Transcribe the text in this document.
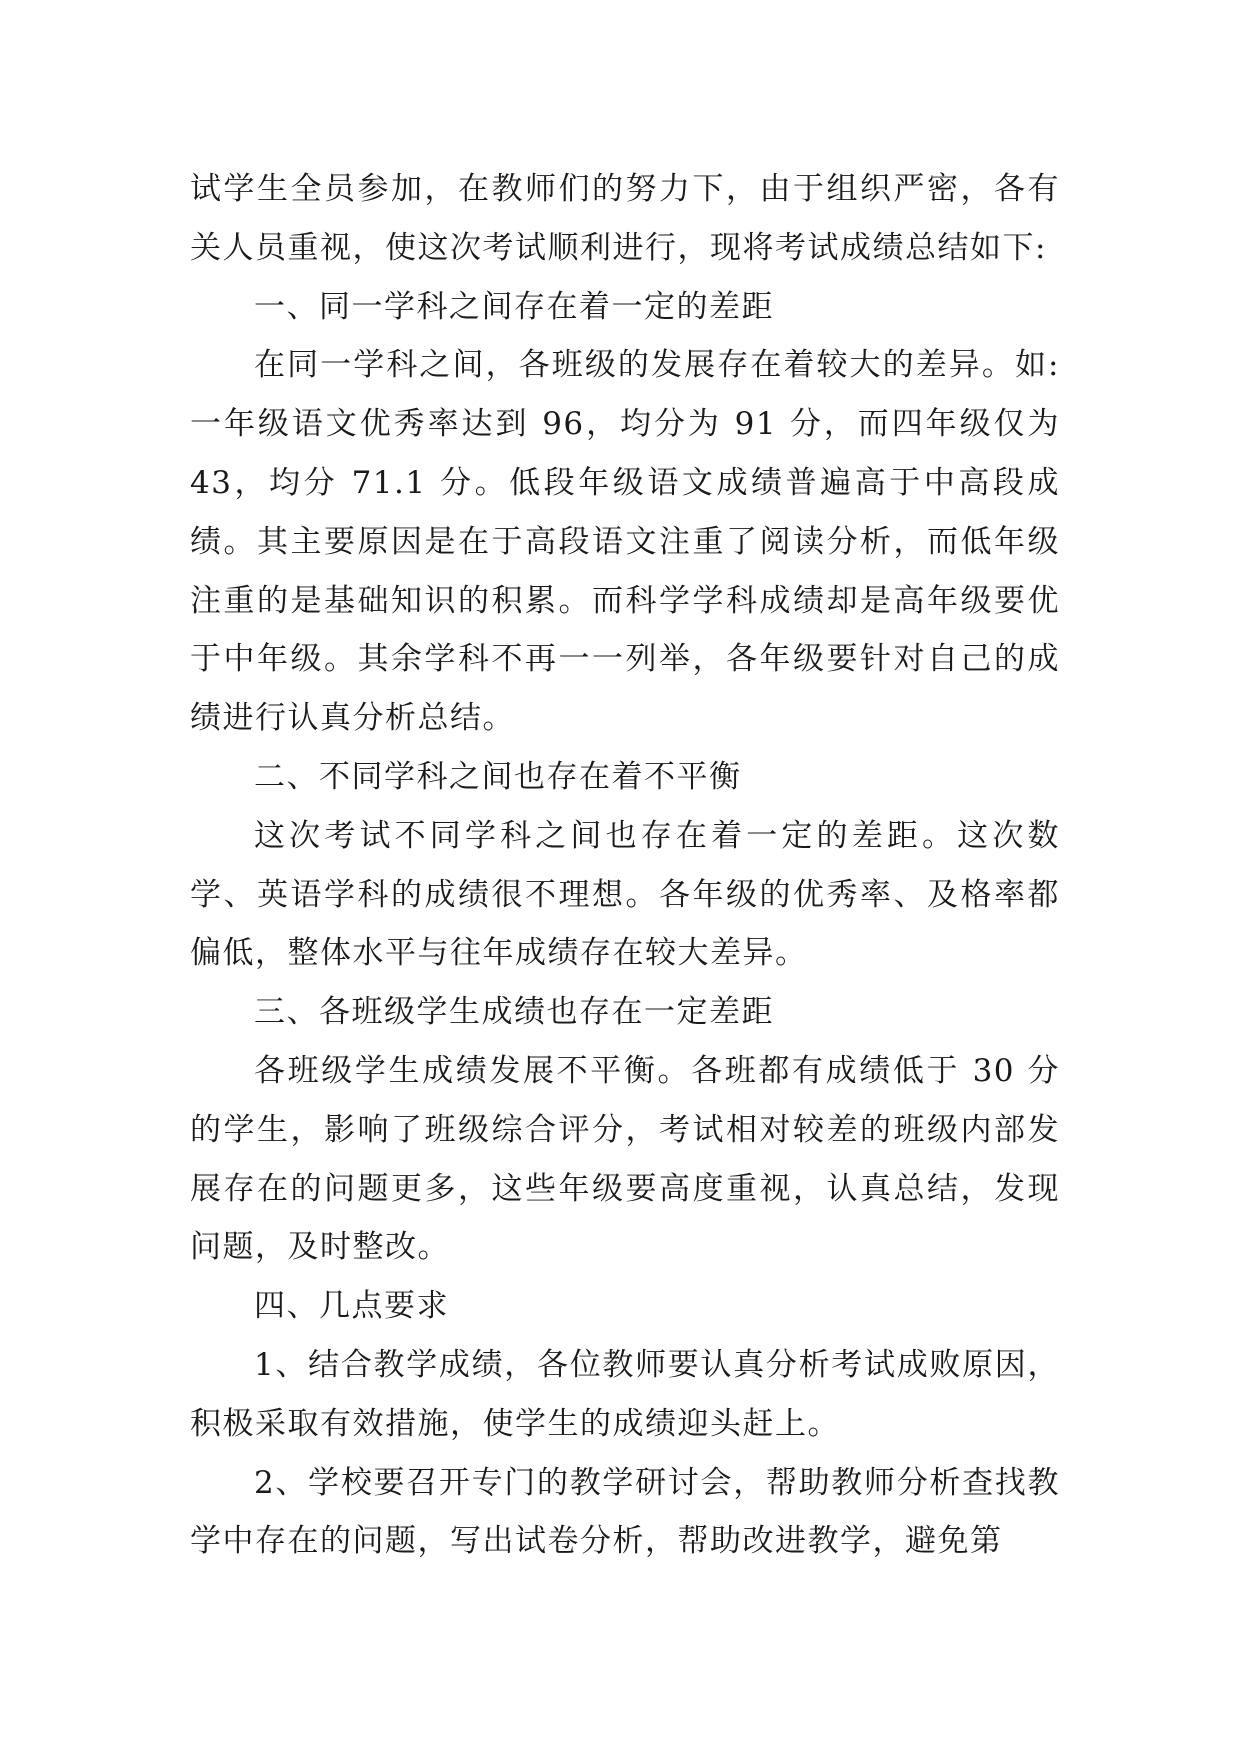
试学生全员参加，在教师们的努力下，由于组织严密，各有关人员重视，使这次考试顺利进行，现将考试成绩总结如下:

一、同一学科之间存在着一定的差距

在同一学科之间，各班级的发展存在着较大的差异。如:一年级语文优秀率达到 96，均分为 91 分，而四年级仅为43，均分 71.1 分。低段年级语文成绩普遍高于中高段成绩。其主要原因是在于高段语文注重了阅读分析，而低年级注重的是基础知识的积累。而科学学科成绩却是高年级要优于中年级。其余学科不再一一列举，各年级要针对自己的成绩进行认真分析总结。

二、不同学科之间也存在着不平衡

这次考试不同学科之间也存在着一定的差距。这次数学、英语学科的成绩很不理想。各年级的优秀率、及格率都偏低，整体水平与往年成绩存在较大差异。

三、各班级学生成绩也存在一定差距

各班级学生成绩发展不平衡。各班都有成绩低于 30 分的学生，影响了班级综合评分，考试相对较差的班级内部发展存在的问题更多，这些年级要高度重视，认真总结，发现问题，及时整改。

四、几点要求

1、结合教学成绩，各位教师要认真分析考试成败原因，积极采取有效措施，使学生的成绩迎头赶上。

2、学校要召开专门的教学研讨会，帮助教师分析查找教学中存在的问题，写出试卷分析，帮助改进教学，避免第
